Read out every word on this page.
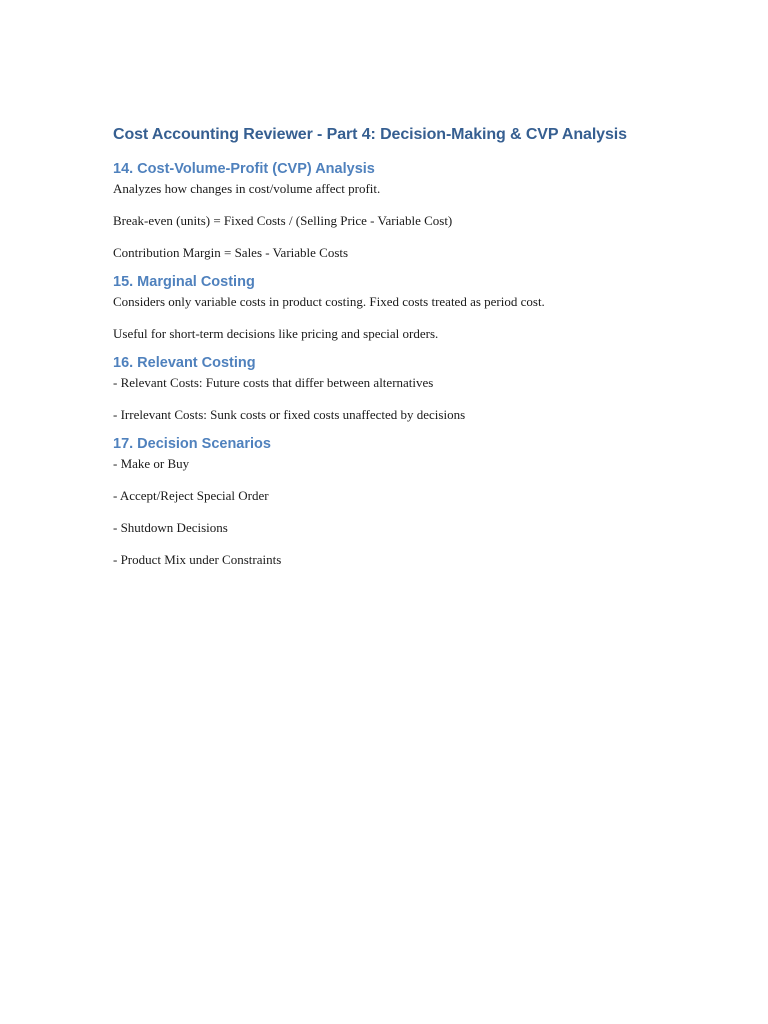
Cost Accounting Reviewer - Part 4: Decision-Making & CVP Analysis
14. Cost-Volume-Profit (CVP) Analysis

Analyzes how changes in cost/volume affect profit.

Break-even (units) = Fixed Costs / (Selling Price - Variable Cost)

Contribution Margin = Sales - Variable Costs

15. Marginal Costing

Considers only variable costs in product costing. Fixed costs treated as period cost.

Useful for short-term decisions like pricing and special orders.

16. Relevant Costing

- Relevant Costs: Future costs that differ between alternatives

- Irrelevant Costs: Sunk costs or fixed costs unaffected by decisions

17. Decision Scenarios

- Make or Buy

- Accept/Reject Special Order

- Shutdown Decisions

- Product Mix under Constraints
